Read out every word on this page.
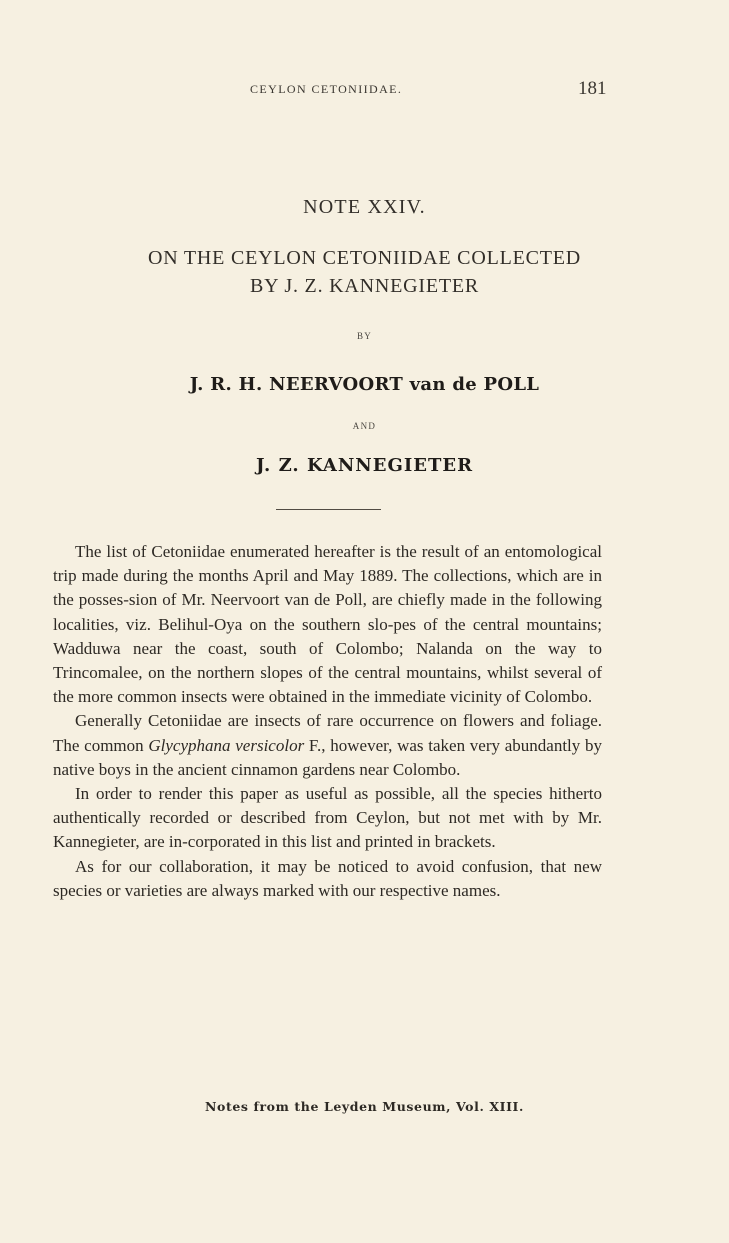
CEYLON CETONIIDAE.	181
NOTE XXIV.
ON THE CEYLON CETONIIDAE COLLECTED
BY J. Z. KANNEGIETER
BY
J. R. H. NEERVOORT van de POLL
AND
J. Z. KANNEGIETER

The list of Cetoniidae enumerated hereafter is the result of an entomological trip made during the months April and May 1889. The collections, which are in the posses-sion of Mr. Neervoort van de Poll, are chiefly made in the following localities, viz. Belihul-Oya on the southern slo-pes of the central mountains; Wadduwa near the coast, south of Colombo; Nalanda on the way to Trincomalee, on the northern slopes of the central mountains, whilst several of the more common insects were obtained in the immediate vicinity of Colombo.

Generally Cetoniidae are insects of rare occurrence on flowers and foliage. The common Glycyphana versicolor F., however, was taken very abundantly by native boys in the ancient cinnamon gardens near Colombo.

In order to render this paper as useful as possible, all the species hitherto authentically recorded or described from Ceylon, but not met with by Mr. Kannegieter, are in-corporated in this list and printed in brackets.

As for our collaboration, it may be noticed to avoid confusion, that new species or varieties are always marked with our respective names.

Notes from the Leyden Museum, Vol. XIII.
